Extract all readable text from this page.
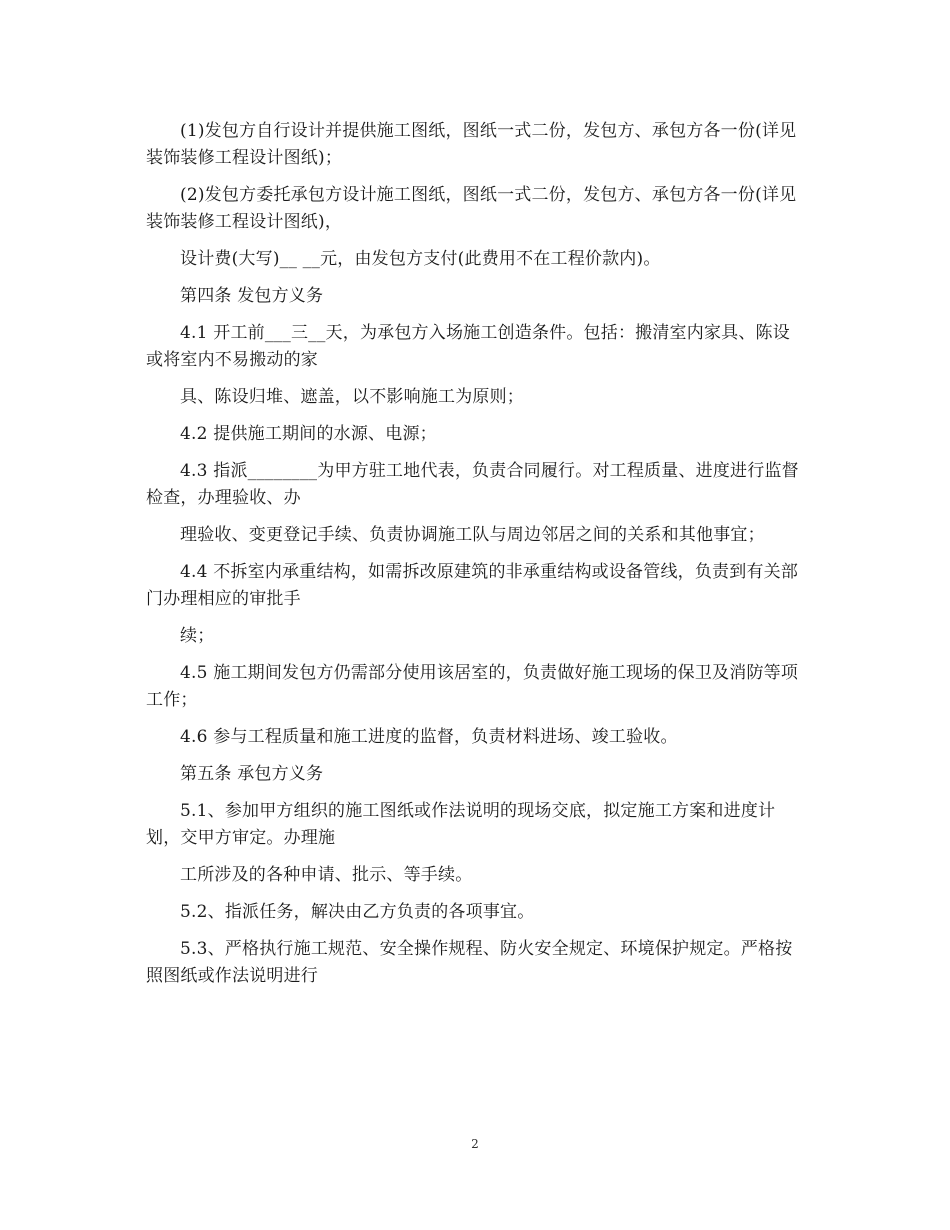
(1)发包方自行设计并提供施工图纸，图纸一式二份，发包方、承包方各一份(详见装饰装修工程设计图纸)；

(2)发包方委托承包方设计施工图纸，图纸一式二份，发包方、承包方各一份(详见装饰装修工程设计图纸)，

设计费(大写)__ __元，由发包方支付(此费用不在工程价款内)。

第四条 发包方义务

4.1 开工前___三__天，为承包方入场施工创造条件。包括：搬清室内家具、陈设或将室内不易搬动的家

具、陈设归堆、遮盖，以不影响施工为原则；

4.2 提供施工期间的水源、电源；

4.3 指派________为甲方驻工地代表，负责合同履行。对工程质量、进度进行监督检查，办理验收、办

理验收、变更登记手续、负责协调施工队与周边邻居之间的关系和其他事宜；

4.4 不拆室内承重结构，如需拆改原建筑的非承重结构或设备管线，负责到有关部门办理相应的审批手

续；

4.5 施工期间发包方仍需部分使用该居室的，负责做好施工现场的保卫及消防等项工作；

4.6 参与工程质量和施工进度的监督，负责材料进场、竣工验收。

第五条 承包方义务

5.1、参加甲方组织的施工图纸或作法说明的现场交底，拟定施工方案和进度计划，交甲方审定。办理施

工所涉及的各种申请、批示、等手续。

5.2、指派任务，解决由乙方负责的各项事宜。

5.3、严格执行施工规范、安全操作规程、防火安全规定、环境保护规定。严格按照图纸或作法说明进行

2
